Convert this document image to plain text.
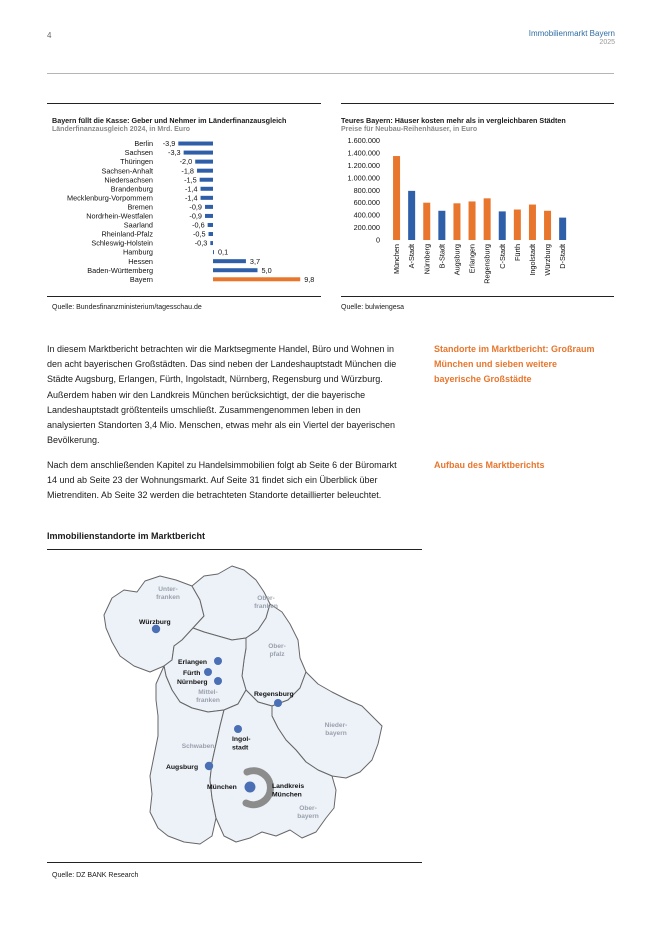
4	Immobilienmarkt Bayern
2025
Bayern füllt die Kasse: Geber und Nehmer im Länderfinanzausgleich
Länderfinanzausgleich 2024, in Mrd. Euro
Berlin -3,9
Sachsen -3,3
Thüringen	-2,0
Sachsen-Anhalt	-1,8
Niedersachsen	-1,5
Brandenburg	-1,4
Mecklenburg-Vorpommern	-1,4
Bremen	-0,9
Nordrhein-Westfalen	-0,9
Saarland	-0,6
Rheinland-Pfalz	-0,5
Schleswig-Holstein	-0,3
Hamburg	0,1
Hessen	3,7
Baden-Württemberg	5,0
Bayern	9,8
Quelle: Bundesfinanzministerium/tagesschau.de
Teures Bayern: Häuser kosten mehr als in vergleichbaren Städten
Preise für Neubau-Reihenhäuser, in Euro
0
200.000
400.000
600.000
800.000
1.000.000
1.200.000
1.400.000
1.600.000
München A-Stadt Nürnberg B-Stadt Augsburg Erlangen Regensburg C-Stadt Fürth Ingolstadt Würzburg D-Stadt
Quelle: bulwiengesa
In diesem Marktbericht betrachten wir die Marktsegmente Handel, Büro und Wohnen in den acht bayerischen Großstädten. Das sind neben der Landeshauptstadt München die Städte Augsburg, Erlangen, Fürth, Ingolstadt, Nürnberg, Regensburg und Würzburg. Außerdem haben wir den Landkreis München berücksichtigt, der die bayerische Landeshauptstadt größtenteils umschließt. Zusammengenommen leben in den analysierten Standorten 3,4 Mio. Menschen, etwas mehr als ein Viertel der bayerischen Bevölkerung.
Nach dem anschließenden Kapitel zu Handelsimmobilien folgt ab Seite 6 der Büromarkt 14 und ab Seite 23 der Wohnungsmarkt. Auf Seite 31 findet sich ein Überblick über Mietrenditen. Ab Seite 32 werden die betrachteten Standorte detaillierter beleuchtet.
Standorte im Marktbericht: Großraum München und sieben weitere bayerische Großstädte
Aufbau des Marktberichts
Immobilienstandorte im Marktbericht
Unter-franken	Ober-franken
Ober-pfalz
Mittel-franken
Nieder-bayern
Schwaben
Ober-bayern
Würzburg
Erlangen
Fürth
Nürnberg
Regensburg
Ingol-stadt
Augsburg
München	Landkreis München
Quelle: DZ BANK Research
